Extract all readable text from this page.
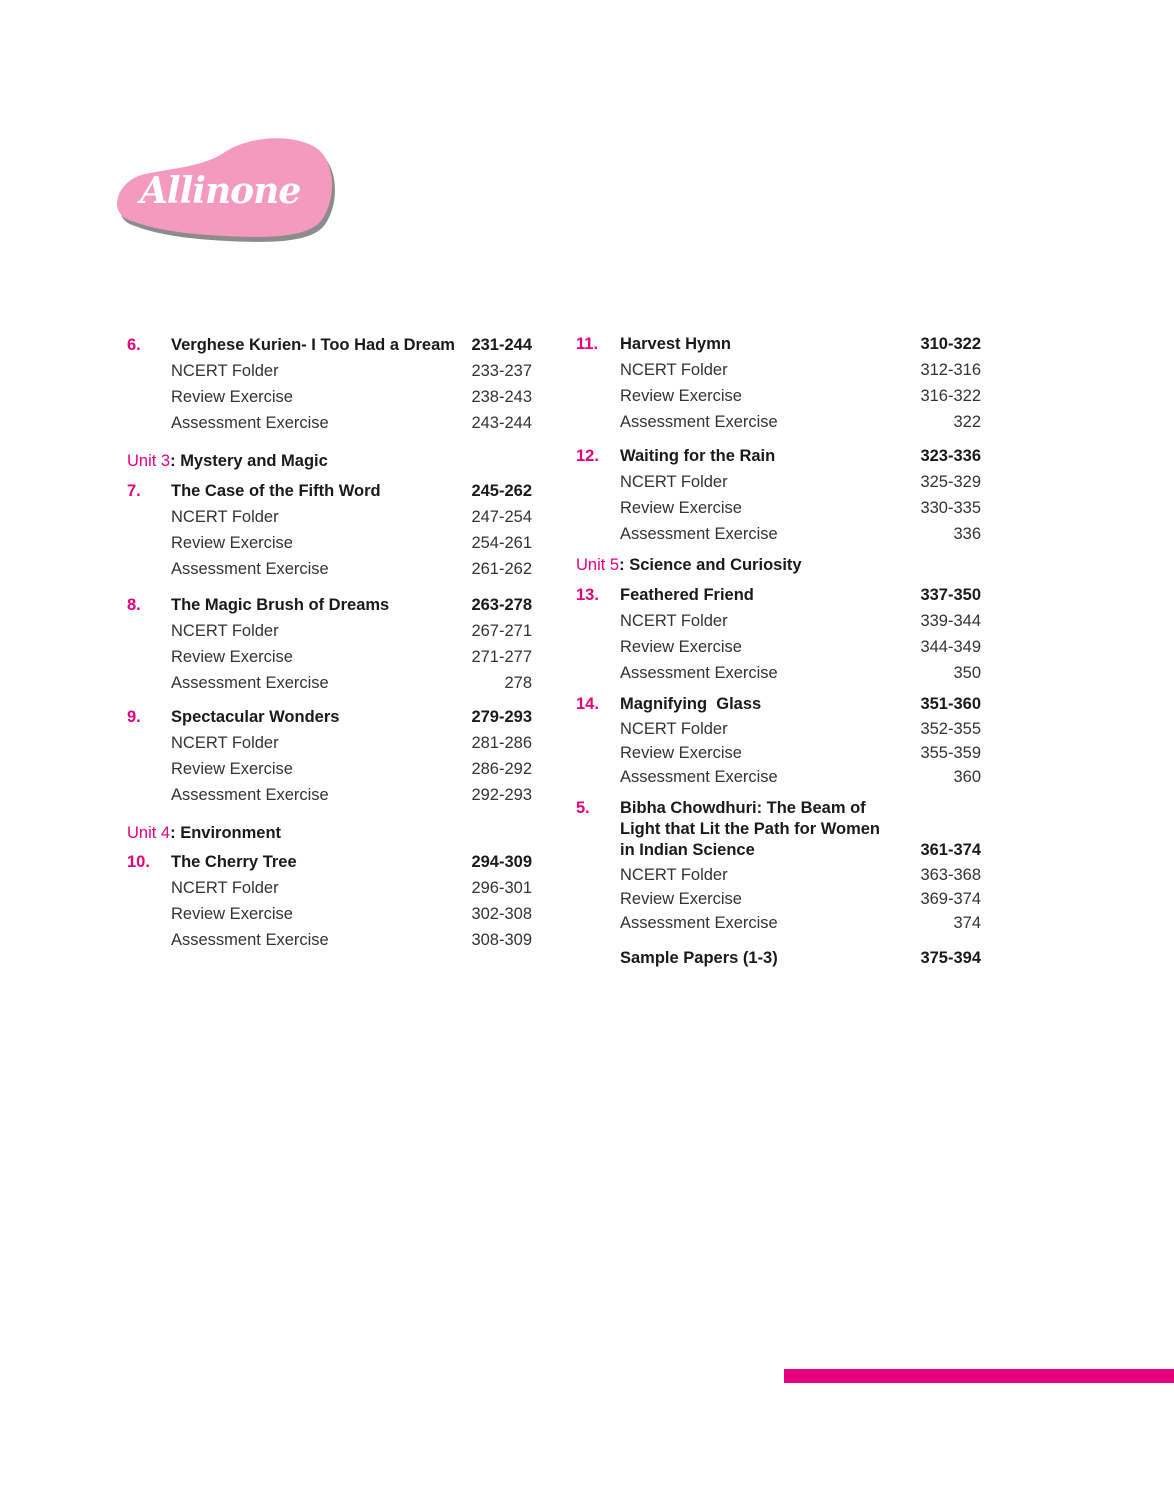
Allinone
6. Verghese Kurien- I Too Had a Dream 231-244
NCERT Folder	233-237
Review Exercise	238-243
Assessment Exercise	243-244
Unit 3: Mystery and Magic
7. The Case of the Fifth Word	245-262
NCERT Folder	247-254
Review Exercise	254-261
Assessment Exercise	261-262
8. The Magic Brush of Dreams	263-278
NCERT Folder	267-271
Review Exercise	271-277
Assessment Exercise	278
9. Spectacular Wonders	279-293
NCERT Folder	281-286
Review Exercise	286-292
Assessment Exercise	292-293
Unit 4: Environment
10. The Cherry Tree	294-309
NCERT Folder	296-301
Review Exercise	302-308
Assessment Exercise	308-309
11. Harvest Hymn	310-322
NCERT Folder	312-316
Review Exercise	316-322
Assessment Exercise	322
12. Waiting for the Rain	323-336
NCERT Folder	325-329
Review Exercise	330-335
Assessment Exercise	336
Unit 5: Science and Curiosity
13. Feathered Friend	337-350
NCERT Folder	339-344
Review Exercise	344-349
Assessment Exercise	350
14. Magnifying  Glass	351-360
NCERT Folder	352-355
Review Exercise	355-359
Assessment Exercise	360
5. Bibha Chowdhuri: The Beam of
Light that Lit the Path for Women
in Indian Science	361-374
NCERT Folder	363-368
Review Exercise	369-374
Assessment Exercise	374
Sample Papers (1-3)	375-394
